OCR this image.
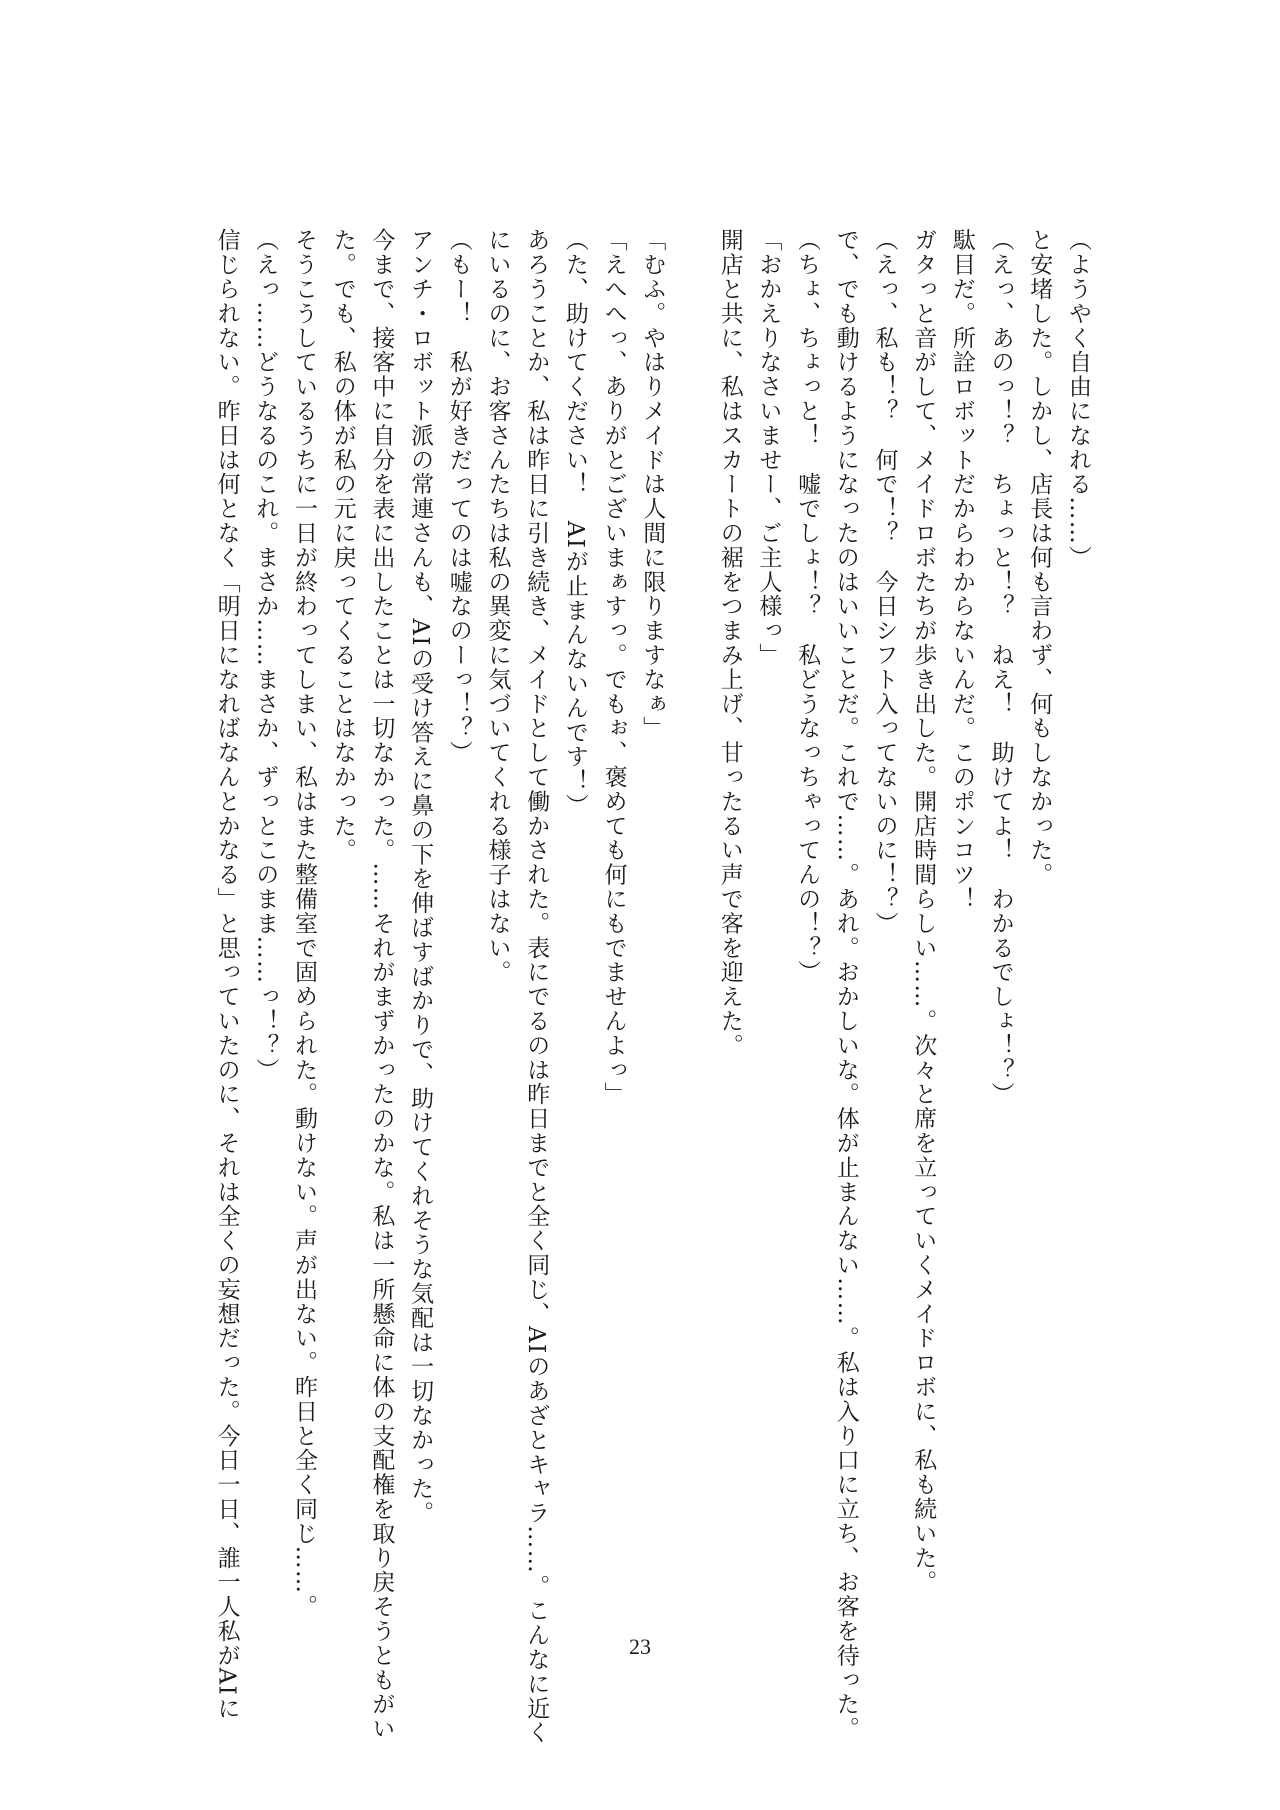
（ようやく自由になれる……）
と安堵した。しかし、店長は何も言わず、何もしなかった。
（えっ、あのっ！？　ちょっと！？　ねえ！　助けてよ！　わかるでしょ！？）
駄目だ。所詮ロボットだからわからないんだ。このポンコツ！
ガタっと音がして、メイドロボたちが歩き出した。開店時間らしい……。次々と席を立っていくメイドロボに、私も続いた。
（えっ、私も！？　何で！？　今日シフト入ってないのに！？）
で、でも動けるようになったのはいいことだ。これで……。あれ。おかしいな。体が止まんない……。私は入り口に立ち、お客を待った。
（ちょ、ちょっと！　嘘でしょ！？　私どうなっちゃってんの！？）
「おかえりなさいませー、ご主人様っ」
開店と共に、私はスカートの裾をつまみ上げ、甘ったるい声で客を迎えた。
「むふ。やはりメイドは人間に限りますなぁ」
「えへへっ、ありがとございまぁすっ。でもぉ、褒めても何にもでませんよっ」
（た、助けてください！　AIが止まんないんです！）
あろうことか、私は昨日に引き続き、メイドとして働かされた。表にでるのは昨日までと全く同じ、AIのあざとキャラ……。こんなに近く
にいるのに、お客さんたちは私の異変に気づいてくれる様子はない。
（もー！　私が好きだってのは嘘なのーっ！？）
アンチ・ロボット派の常連さんも、AIの受け答えに鼻の下を伸ばすばかりで、助けてくれそうな気配は一切なかった。
今まで、接客中に自分を表に出したことは一切なかった。……それがまずかったのかな。私は一所懸命に体の支配権を取り戻そうともがい
た。でも、私の体が私の元に戻ってくることはなかった。
そうこうしているうちに一日が終わってしまい、私はまた整備室で固められた。動けない。声が出ない。昨日と全く同じ……。
（えっ……どうなるのこれ。まさか……まさか、ずっとこのまま……っ！？）
信じられない。昨日は何となく「明日になればなんとかなる」と思っていたのに、それは全くの妄想だった。今日一日、誰一人私がAIに	23
